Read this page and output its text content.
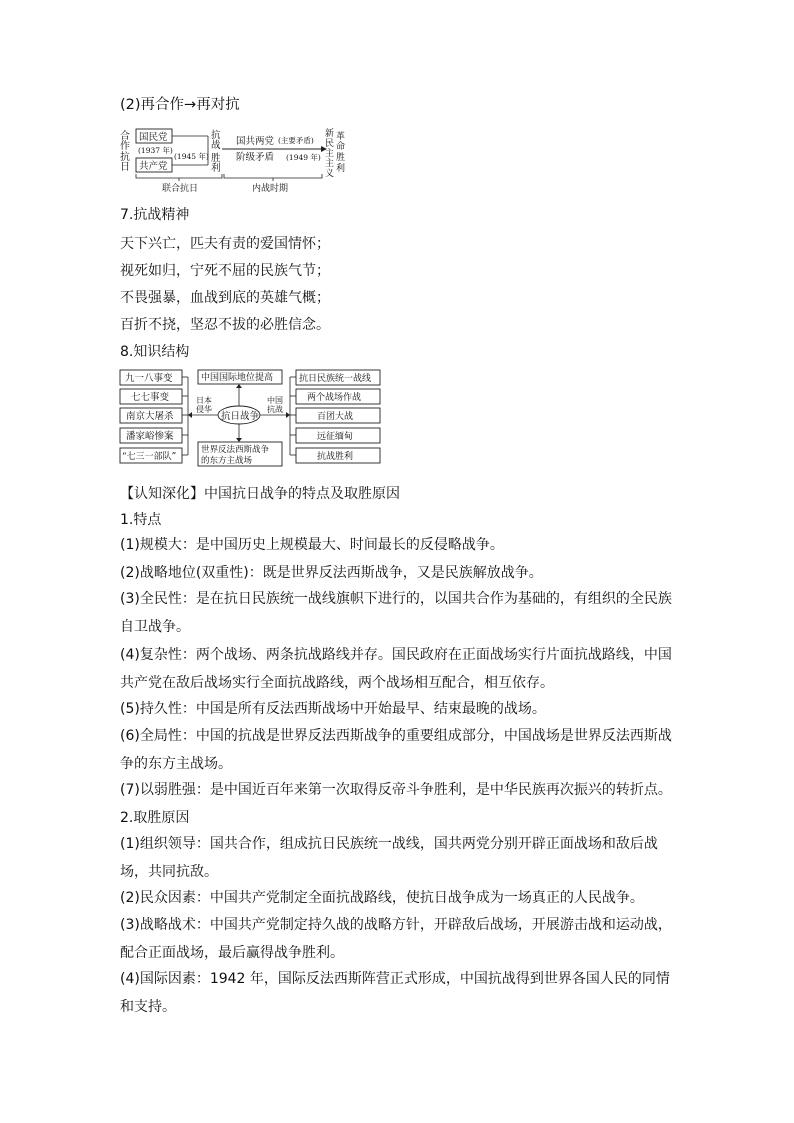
(2)再合作→再对抗
合
作
抗
日
国民党
(1937 年)
共产党
(1945 年)
抗
战
胜
利
国共两党 (主要矛盾)
阶级矛盾 (1949 年)
新
民
主
主
义
革
命
胜
利
联合抗日	内战时期
7.抗战精神
天下兴亡，匹夫有责的爱国情怀；
视死如归，宁死不屈的民族气节；
不畏强暴，血战到底的英雄气概；
百折不挠，坚忍不拔的必胜信念。
8.知识结构
九一八事变
七七事变
南京大屠杀
潘家峪惨案
“七三一部队”
日本
侵华
抗日战争
中国国际地位提高
世界反法西斯战争
的东方主战场
中国
抗战
抗日民族统一战线
两个战场作战
百团大战
远征缅甸
抗战胜利
【认知深化】中国抗日战争的特点及取胜原因
1.特点
(1)规模大：是中国历史上规模最大、时间最长的反侵略战争。
(2)战略地位(双重性)：既是世界反法西斯战争，又是民族解放战争。
(3)全民性：是在抗日民族统一战线旗帜下进行的，以国共合作为基础的，有组织的全民族自卫战争。
(4)复杂性：两个战场、两条抗战路线并存。国民政府在正面战场实行片面抗战路线，中国共产党在敌后战场实行全面抗战路线，两个战场相互配合，相互依存。
(5)持久性：中国是所有反法西斯战场中开始最早、结束最晚的战场。
(6)全局性：中国的抗战是世界反法西斯战争的重要组成部分，中国战场是世界反法西斯战争的东方主战场。
(7)以弱胜强：是中国近百年来第一次取得反帝斗争胜利，是中华民族再次振兴的转折点。
2.取胜原因
(1)组织领导：国共合作，组成抗日民族统一战线，国共两党分别开辟正面战场和敌后战场，共同抗敌。
(2)民众因素：中国共产党制定全面抗战路线，使抗日战争成为一场真正的人民战争。
(3)战略战术：中国共产党制定持久战的战略方针，开辟敌后战场，开展游击战和运动战，配合正面战场，最后赢得战争胜利。
(4)国际因素：1942 年，国际反法西斯阵营正式形成，中国抗战得到世界各国人民的同情和支持。
